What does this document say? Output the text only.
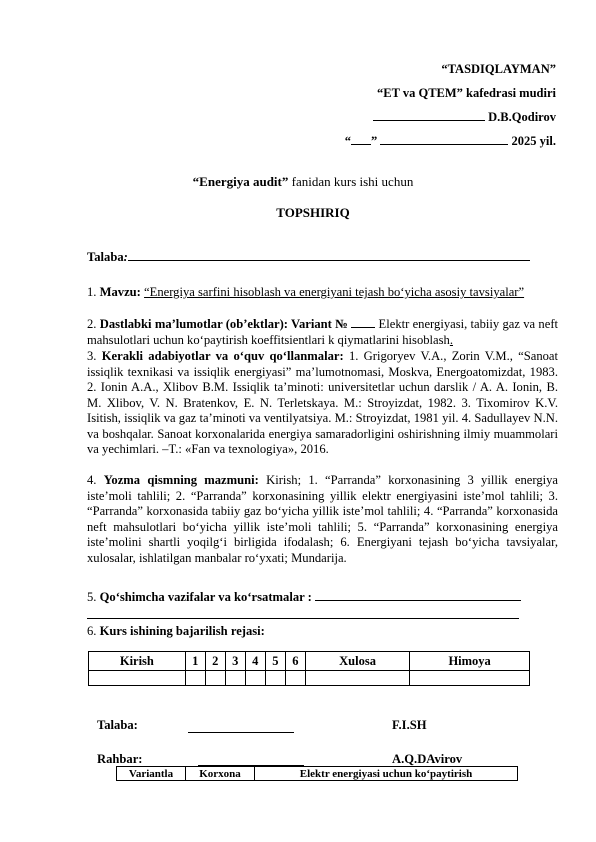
“TASDIQLAYMAN”
“ET va QTEM” kafedrasi mudiri
D.B.Qodirov
“ ”	2025 yil.
“Energiya audit” fanidan kurs ishi uchun
TOPSHIRIQ
Talaba:
1. Mavzu: “Energiya sarfini hisoblash va energiyani tejash bo‘yicha asosiy tavsiyalar”
2. Dastlabki ma’lumotlar (ob’ektlar): Variant № Elektr energiyasi, tabiiy gaz va neft mahsulotlari uchun ko‘paytirish koeffitsientlari k qiymatlarini hisoblash.
3. Kerakli adabiyotlar va o‘quv qo‘llanmalar: 1. Grigoryev V.A., Zorin V.M., “Sanoat issiqlik texnikasi va issiqlik energiyasi” ma’lumotnomasi, Moskva, Energoatomizdat, 1983. 2. Ionin A.A., Xlibov B.M. Issiqlik ta’minoti: universitetlar uchun darslik / A. A. Ionin, B. M. Xlibov, V. N. Bratenkov, E. N. Terletskaya. M.: Stroyizdat, 1982. 3. Tixomirov K.V. Isitish, issiqlik va gaz ta’minoti va ventilyatsiya. M.: Stroyizdat, 1981 yil. 4. Sadullayev N.N. va boshqalar. Sanoat korxonalarida energiya samaradorligini oshirishning ilmiy muammolari va yechimlari. –T.: «Fan va texnologiya», 2016.
4. Yozma qismning mazmuni: Kirish; 1. “Parranda” korxonasining 3 yillik energiya iste’moli tahlili; 2. “Parranda” korxonasining yillik elektr energiyasini iste’mol tahlili; 3. “Parranda” korxonasida tabiiy gaz bo‘yicha yillik iste’mol tahlili; 4. “Parranda” korxonasida neft mahsulotlari bo‘yicha yillik iste’moli tahlili; 5. “Parranda” korxonasining energiya iste’molini shartli yoqilg‘i birligida ifodalash; 6. Energiyani tejash bo‘yicha tavsiyalar, xulosalar, ishlatilgan manbalar ro‘yxati; Mundarija.
5. Qo‘shimcha vazifalar va ko‘rsatmalar :
6. Kurs ishining bajarilish rejasi:
Kirish	1	2	3	4	5	6	Xulosa	Himoya

Talaba:	F.I.SH
Rahbar:	A.Q.DAvirov
Variantla	Korxona	Elektr energiyasi uchun ko‘paytirish
